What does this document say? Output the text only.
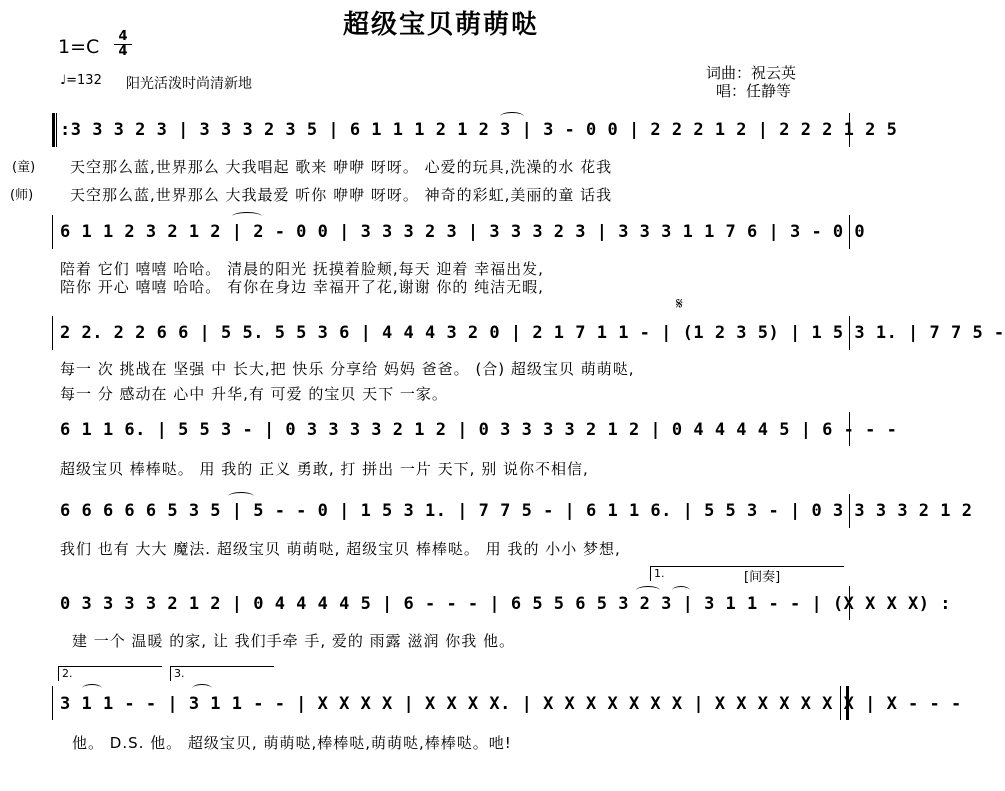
超级宝贝萌萌哒
1=C	4
4
♩=132 阳光活泼时尚清新地
词曲：祝云英
唱：任静等
:3 3 3 2 3 | 3 3 3 2 3 5 | 6 1 1 1 2 1 2 3 | 3 - 0 0 | 2 2 2 1 2 | 2 2 2 1 2 5
(童)
(师)
天空那么蓝,世界那么 大我唱起 歌来 咿咿 呀呀。 心爱的玩具,洗澡的水 花我
天空那么蓝,世界那么 大我最爱 听你 咿咿 呀呀。 神奇的彩虹,美丽的童 话我
6 1 1 2 3 2 1 2 | 2 - 0 0 | 3 3 3 2 3 | 3 3 3 2 3 | 3 3 3 1 1 7 6 | 3 - 0 0
陪着 它们 嘻嘻 哈哈。 清晨的阳光 抚摸着脸颊,每天 迎着 幸福出发,
陪你 开心 嘻嘻 哈哈。 有你在身边 幸福开了花,谢谢 你的 纯洁无暇,
𝄋
2 2. 2 2 6 6 | 5 5. 5 5 3 6 | 4 4 4 3 2 0 | 2 1 7 1 1 - | (1 2 3 5) | 1 5 3 1. | 7 7 5 -
每一 次 挑战在 坚强 中 长大,把 快乐 分享给 妈妈 爸爸。 (合) 超级宝贝 萌萌哒,
每一 分 感动在 心中 升华,有 可爱 的宝贝 天下 一家。
6 1 1 6. | 5 5 3 - | 0 3 3 3 3 2 1 2 | 0 3 3 3 3 2 1 2 | 0 4 4 4 4 5 | 6 - - -
超级宝贝 棒棒哒。 用 我的 正义 勇敢, 打 拼出 一片 天下, 别 说你不相信,
6 6 6 6 6 5 3 5 | 5 - - 0 | 1 5 3 1. | 7 7 5 - | 6 1 1 6. | 5 5 3 - | 0 3 3 3 3 2 1 2
我们 也有 大大 魔法. 超级宝贝 萌萌哒, 超级宝贝 棒棒哒。 用 我的 小小 梦想,
1.	[间奏]
0 3 3 3 3 2 1 2 | 0 4 4 4 4 5 | 6 - - - | 6 5 5 6 5 3 2 3 | 3 1 1 - - | (X X X X) :
建 一个 温暖 的家, 让 我们手牵 手, 爱的 雨露 滋润 你我 他。
2.	3.
3 1 1 - - | 3 1 1 - - | X X X X | X X X X. | X X X X X X X | X X X X X X X | X - - -
他。 D.S. 他。 超级宝贝, 萌萌哒,棒棒哒,萌萌哒,棒棒哒。吔!
